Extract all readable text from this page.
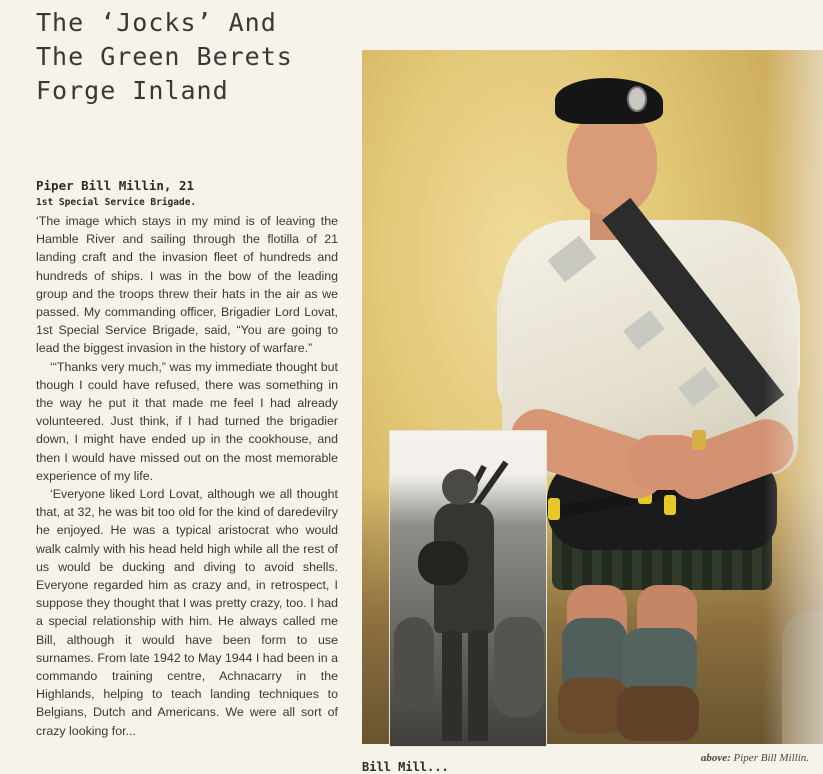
The ‘Jocks’ And
The Green Berets
Forge Inland
Piper Bill Millin, 21
1st Special Service Brigade.

‘The image which stays in my mind is of leaving the Hamble River and sailing through the flotilla of 21 landing craft and the invasion fleet of hundreds and hundreds of ships. I was in the bow of the leading group and the troops threw their hats in the air as we passed. My commanding officer, Brigadier Lord Lovat, 1st Special Service Brigade, said, “You are going to lead the biggest invasion in the history of warfare.”

‘“Thanks very much,” was my immediate thought but though I could have refused, there was something in the way he put it that made me feel I had already volunteered. Just think, if I had turned the brigadier down, I might have ended up in the cookhouse, and then I would have missed out on the most memorable experience of my life.

‘Everyone liked Lord Lovat, although we all thought that, at 32, he was bit too old for the kind of daredevilry he enjoyed. He was a typical aristocrat who would walk calmly with his head held high while all the rest of us would be ducking and diving to avoid shells. Everyone regarded him as crazy and, in retrospect, I suppose they thought that I was pretty crazy, too. I had a special relationship with him. He always called me Bill, although it would have been form to use surnames. From late 1942 to May 1944 I had been in a commando training centre, Achnacarry in the Highlands, helping to teach landing techniques to Belgians, Dutch and Americans. We were all sort of crazy looking for...

above: Piper Bill Millin.
Bill Mill...
